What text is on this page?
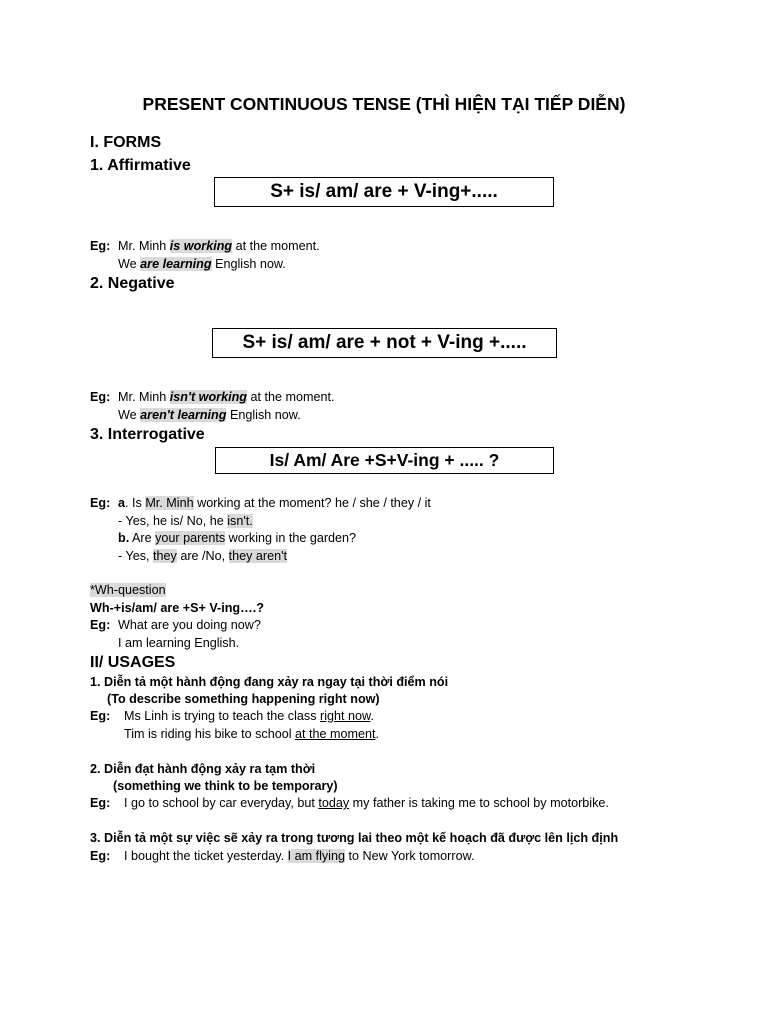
PRESENT CONTINUOUS TENSE (THÌ HIỆN TẠI TIẾP DIỄN)
I. FORMS
1. Affirmative
S+ is/ am/ are + V-ing+.....
Eg: Mr. Minh is working at the moment.
We are learning English now.
2. Negative
S+ is/ am/ are + not + V-ing +.....
Eg: Mr. Minh isn't working at the moment.
We aren't learning English now.
3. Interrogative
Is/ Am/ Are +S+V-ing + ..... ?
Eg: a. Is Mr. Minh working at the moment? he / she / they / it
- Yes, he is/ No, he isn't.
b. Are your parents working in the garden?
- Yes, they are /No, they aren't
*Wh-question
Wh-+is/am/ are +S+ V-ing….?
Eg: What are you doing now?
I am learning English.
II/ USAGES
1. Diễn tả một hành động đang xảy ra ngay tại thời điểm nói
(To describe something happening right now)
Eg: Ms Linh is trying to teach the class right now.
Tim is riding his bike to school at the moment.
2. Diễn đạt hành động xảy ra tạm thời
(something we think to be temporary)
Eg: I go to school by car everyday, but today my father is taking me to school by motorbike.
3. Diễn tả một sự việc sẽ xảy ra trong tương lai theo một kế hoạch đã được lên lịch định
Eg: I bought the ticket yesterday. I am flying to New York tomorrow.
